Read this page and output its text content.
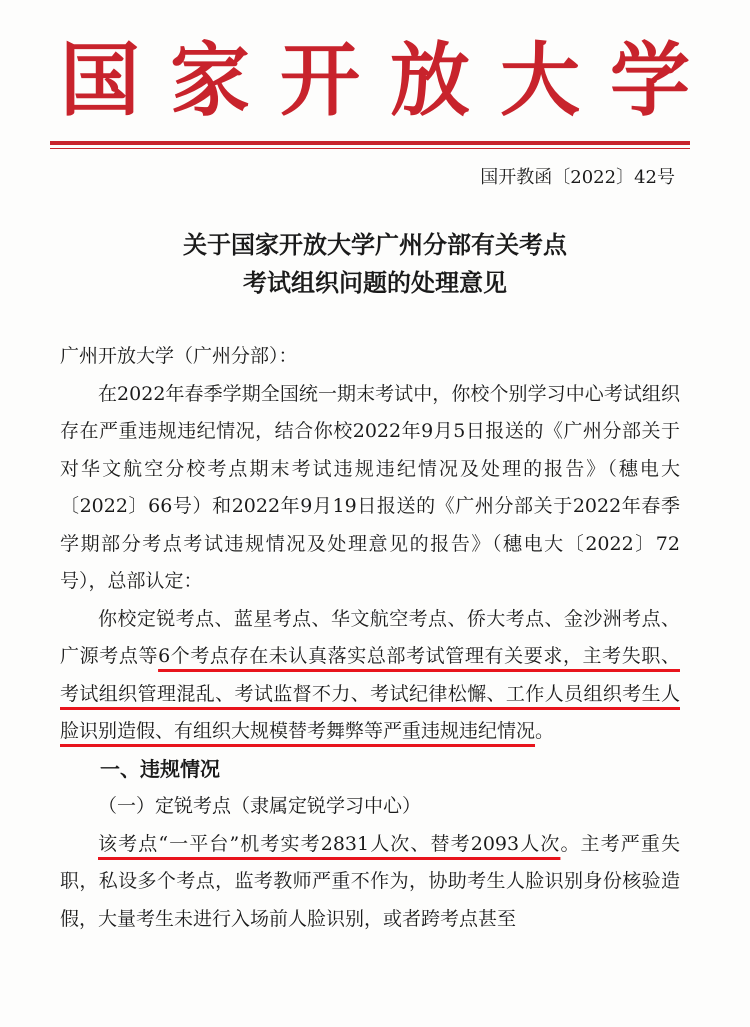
国家开放大学
国开教函〔2022〕42号
关于国家开放大学广州分部有关考点
考试组织问题的处理意见

广州开放大学（广州分部）：

在2022年春季学期全国统一期末考试中，你校个别学习中心考试组织存在严重违规违纪情况，结合你校2022年9月5日报送的《广州分部关于对华文航空分校考点期末考试违规违纪情况及处理的报告》（穗电大〔2022〕66号）和2022年9月19日报送的《广州分部关于2022年春季学期部分考点考试违规情况及处理意见的报告》（穗电大〔2022〕72号），总部认定：

你校定锐考点、蓝星考点、华文航空考点、侨大考点、金沙洲考点、广源考点等6个考点存在未认真落实总部考试管理有关要求，主考失职、考试组织管理混乱、考试监督不力、考试纪律松懈、工作人员组织考生人脸识别造假、有组织大规模替考舞弊等严重违规违纪情况。

一、违规情况

（一）定锐考点（隶属定锐学习中心）

该考点“一平台”机考实考2831人次、替考2093人次。主考严重失职，私设多个考点，监考教师严重不作为，协助考生人脸识别身份核验造假，大量考生未进行入场前人脸识别，或者跨考点甚至
